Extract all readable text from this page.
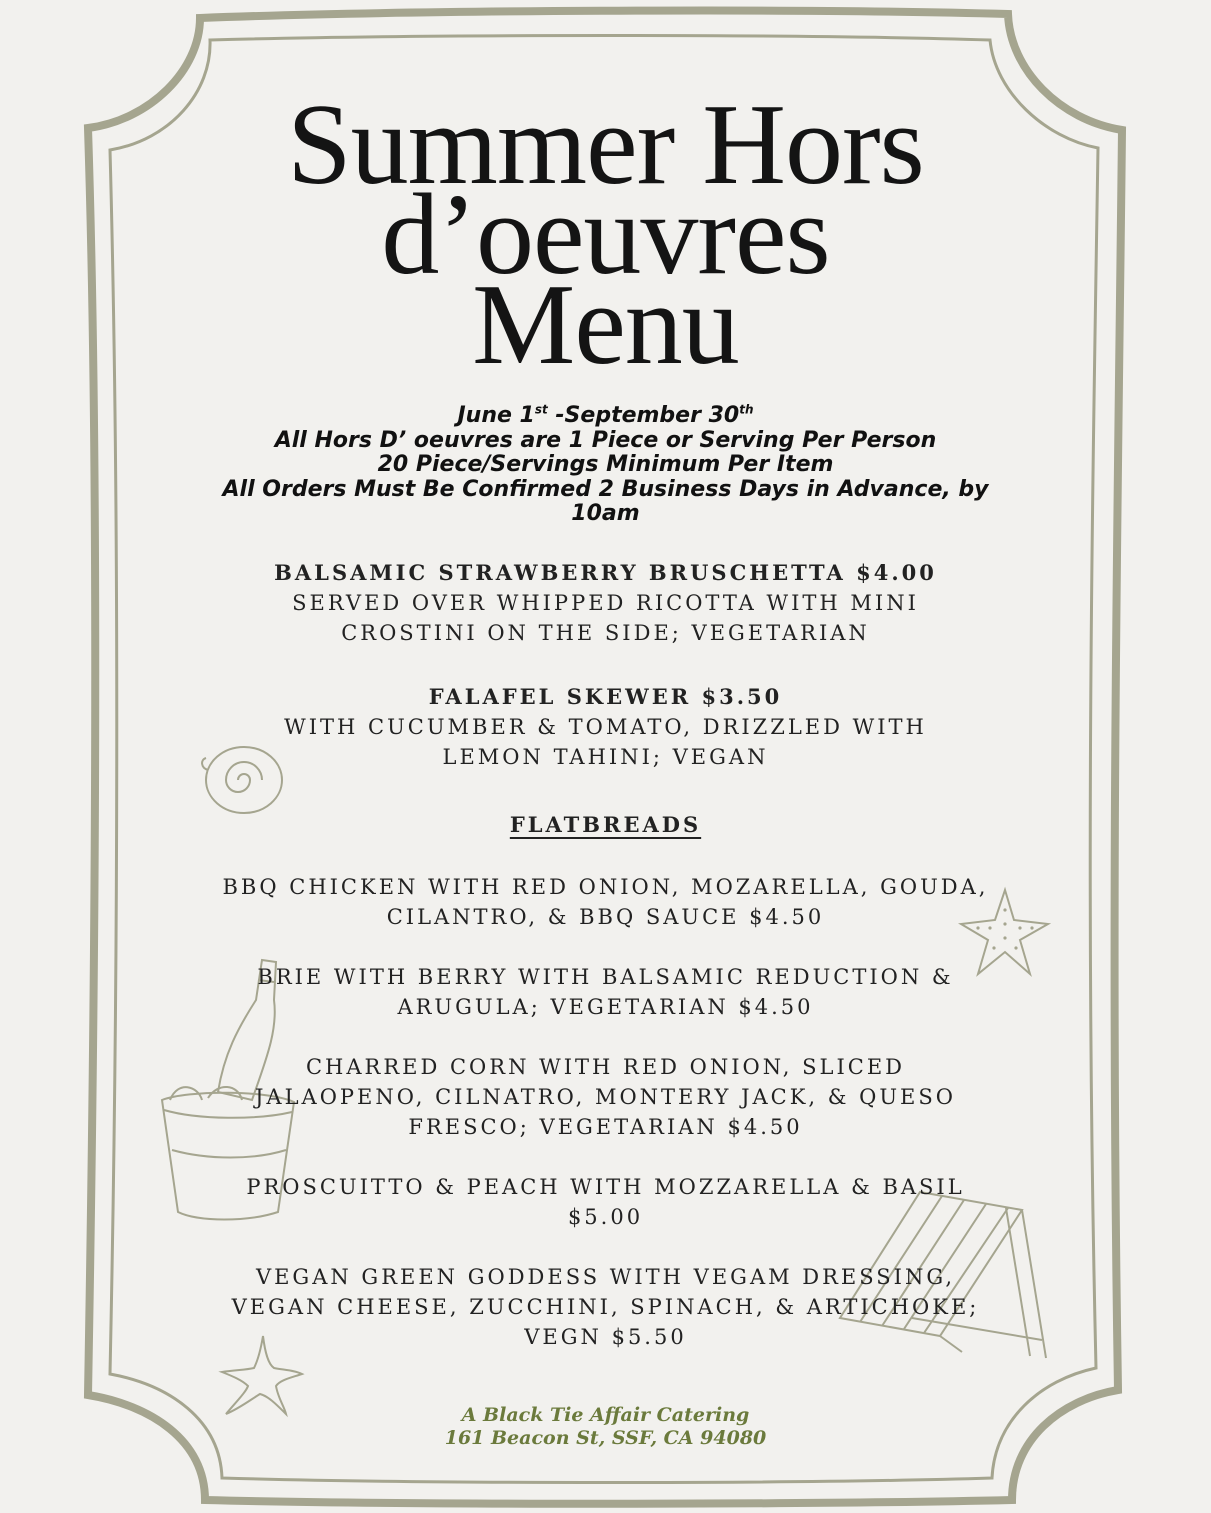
Summer Hors
d’oeuvres
Menu
June 1st -September 30th
All Hors D’ oeuvres are 1 Piece or Serving Per Person
20 Piece/Servings Minimum Per Item
All Orders Must Be Confirmed 2 Business Days in Advance, by 10am
BALSAMIC STRAWBERRY BRUSCHETTA $4.00
SERVED OVER WHIPPED RICOTTA WITH MINI CROSTINI ON THE SIDE; VEGETARIAN
FALAFEL SKEWER $3.50
WITH CUCUMBER & TOMATO, DRIZZLED WITH LEMON TAHINI; VEGAN
FLATBREADS
BBQ CHICKEN WITH RED ONION, MOZARELLA, GOUDA, CILANTRO, & BBQ SAUCE $4.50
BRIE WITH BERRY WITH BALSAMIC REDUCTION & ARUGULA; VEGETARIAN $4.50
CHARRED CORN WITH RED ONION, SLICED JALAOPENO, CILNATRO, MONTERY JACK, & QUESO FRESCO; VEGETARIAN $4.50
PROSCUITTO & PEACH WITH MOZZARELLA & BASIL $5.00
VEGAN GREEN GODDESS WITH VEGAM DRESSING, VEGAN CHEESE, ZUCCHINI, SPINACH, & ARTICHOKE; VEGN $5.50
A Black Tie Affair Catering
161 Beacon St, SSF, CA 94080
